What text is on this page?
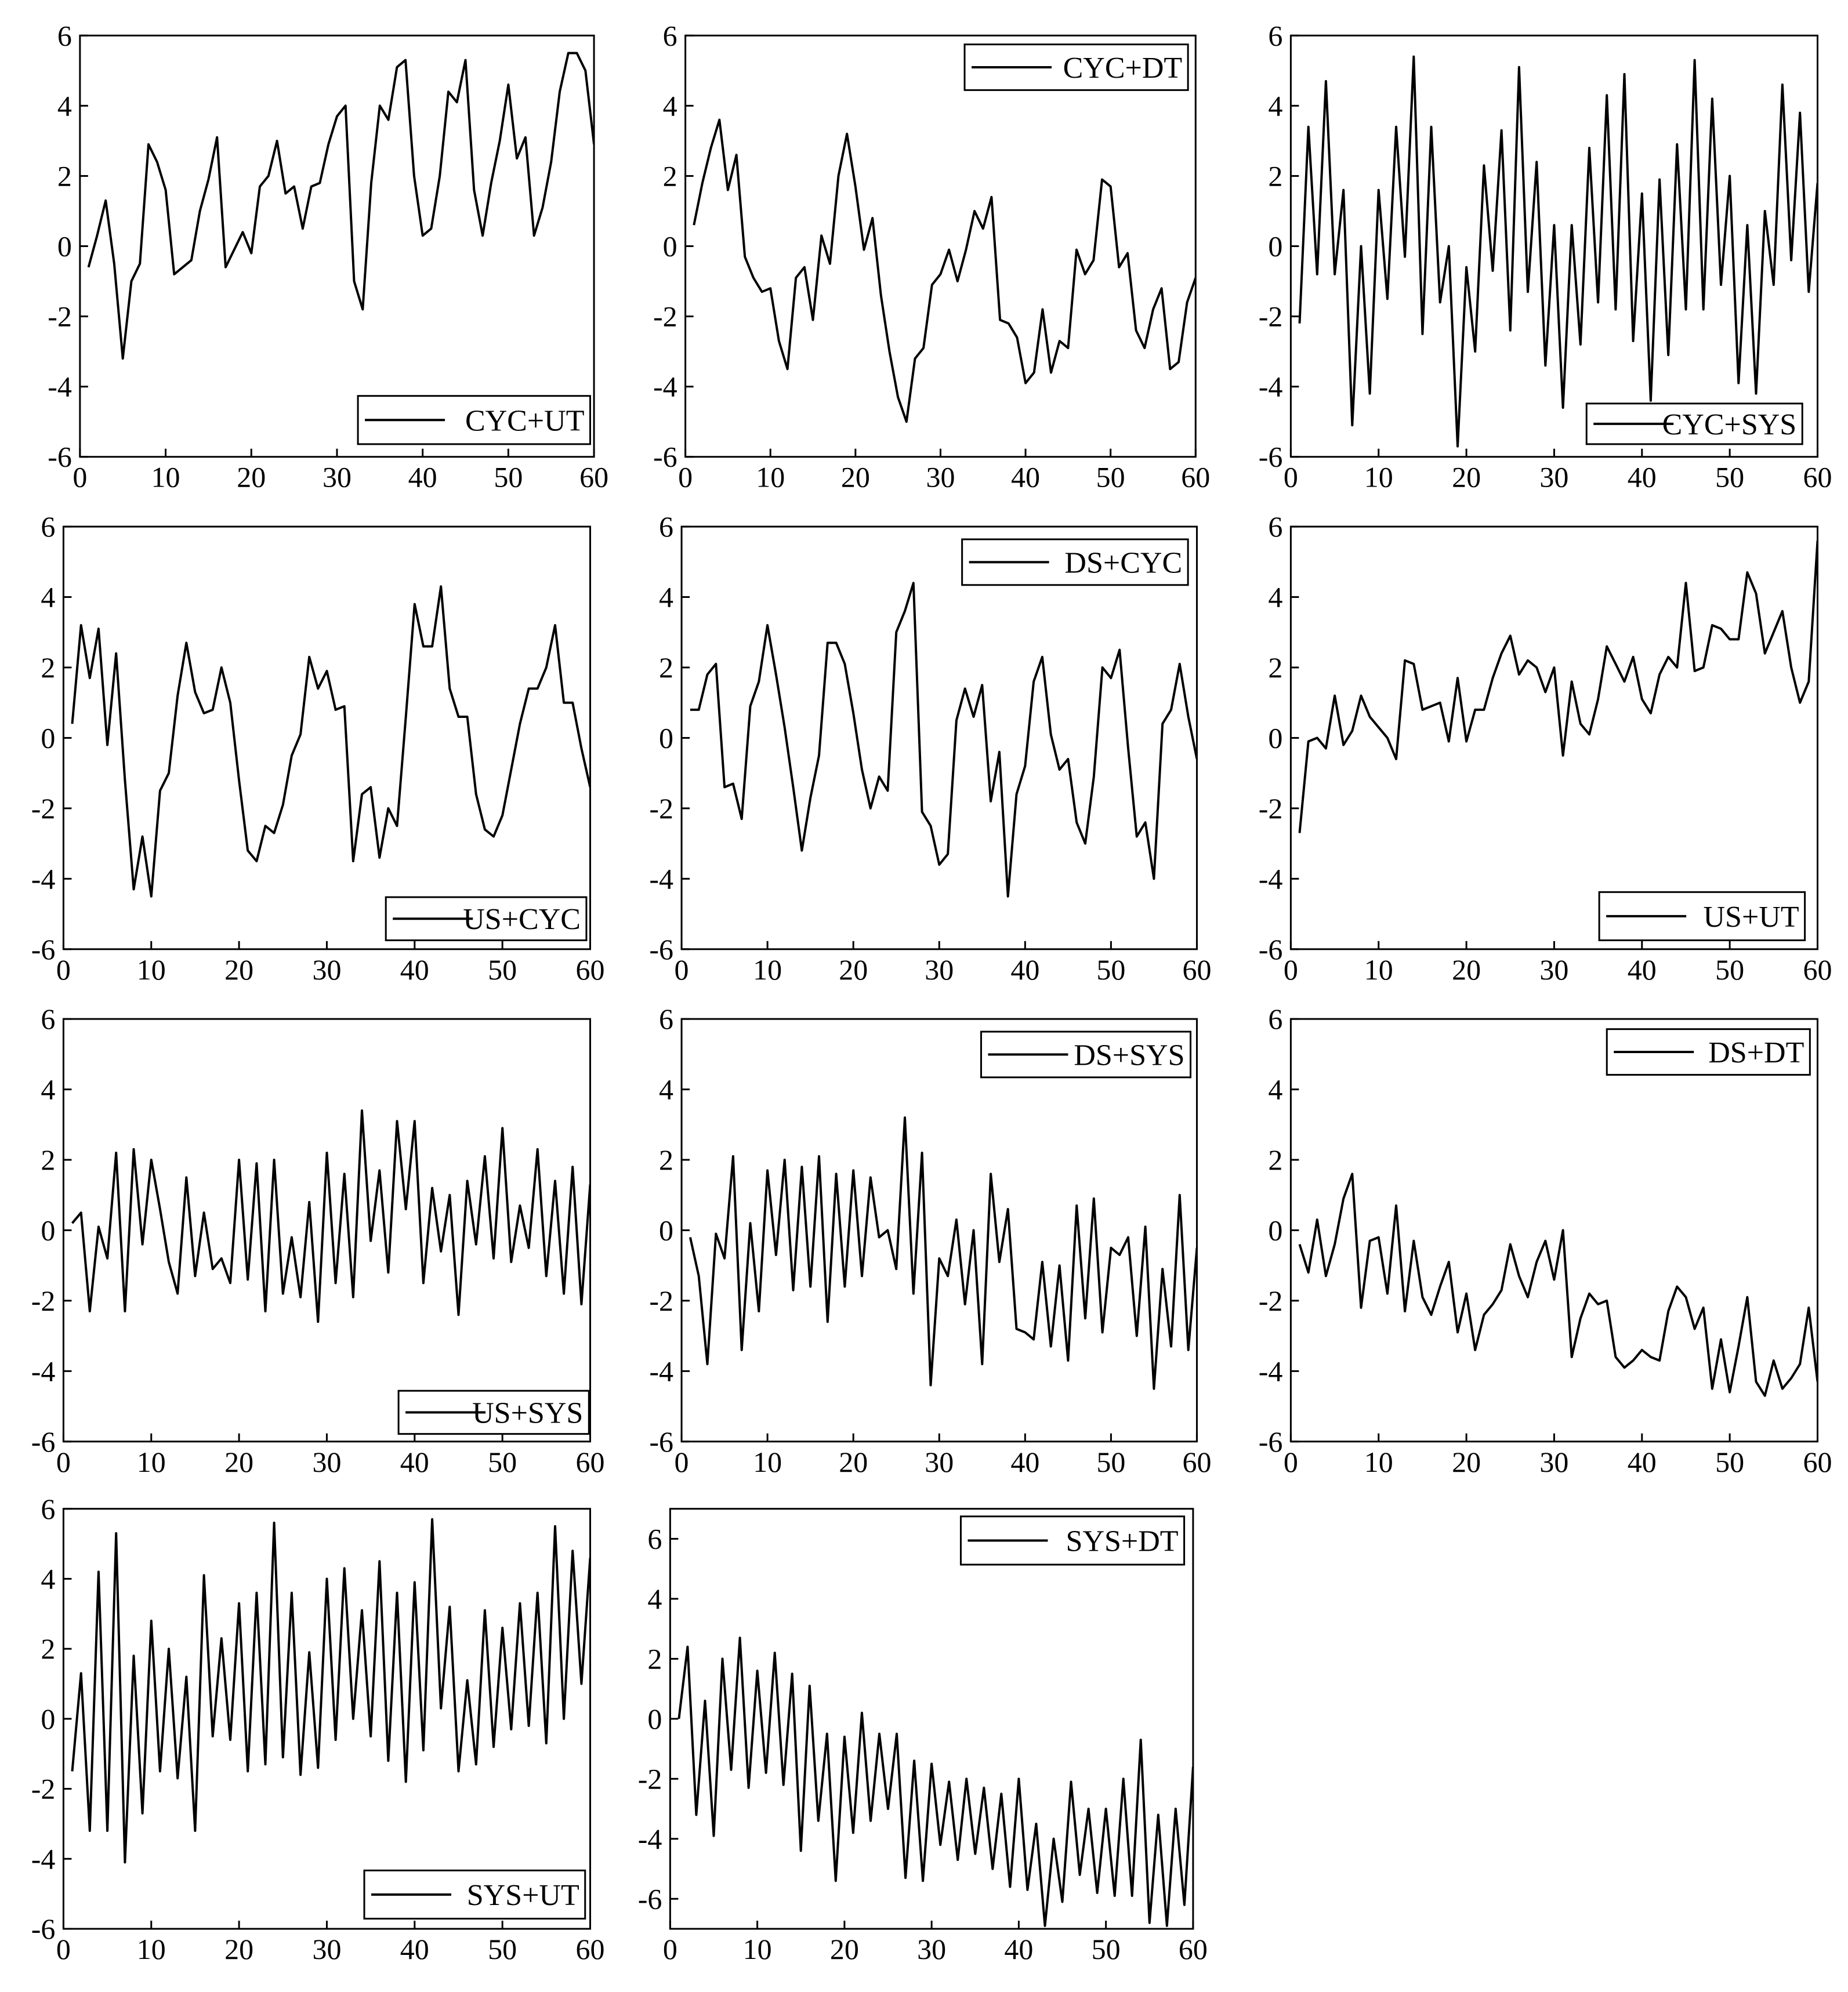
0 10 20 30 40 50 60
-6
-4
-2
0
2
4
6
CYC+UT
0 10 20 30 40 50 60
-6
-4
-2
0
2
4
6
CYC+DT
0 10 20 30 40 50 60
-6
-4
-2
0
2
4
6
CYC+SYS
0 10 20 30 40 50 60
-6
-4
-2
0
2
4
6
US+CYC
0 10 20 30 40 50 60
-6
-4
-2
0
2
4
6
DS+CYC
0 10 20 30 40 50 60
-6
-4
-2
0
2
4
6
US+UT
0 10 20 30 40 50 60
-6
-4
-2
0
2
4
6
US+SYS
0 10 20 30 40 50 60
-6
-4
-2
0
2
4
6
DS+SYS
0 10 20 30 40 50 60
-6
-4
-2
0
2
4
6
DS+DT
0 10 20 30 40 50 60
-6
-4
-2
0
2
4
6
SYS+UT
0 10 20 30 40 50 60
-6
-4
-2
0
2
4
6	SYS+DT
